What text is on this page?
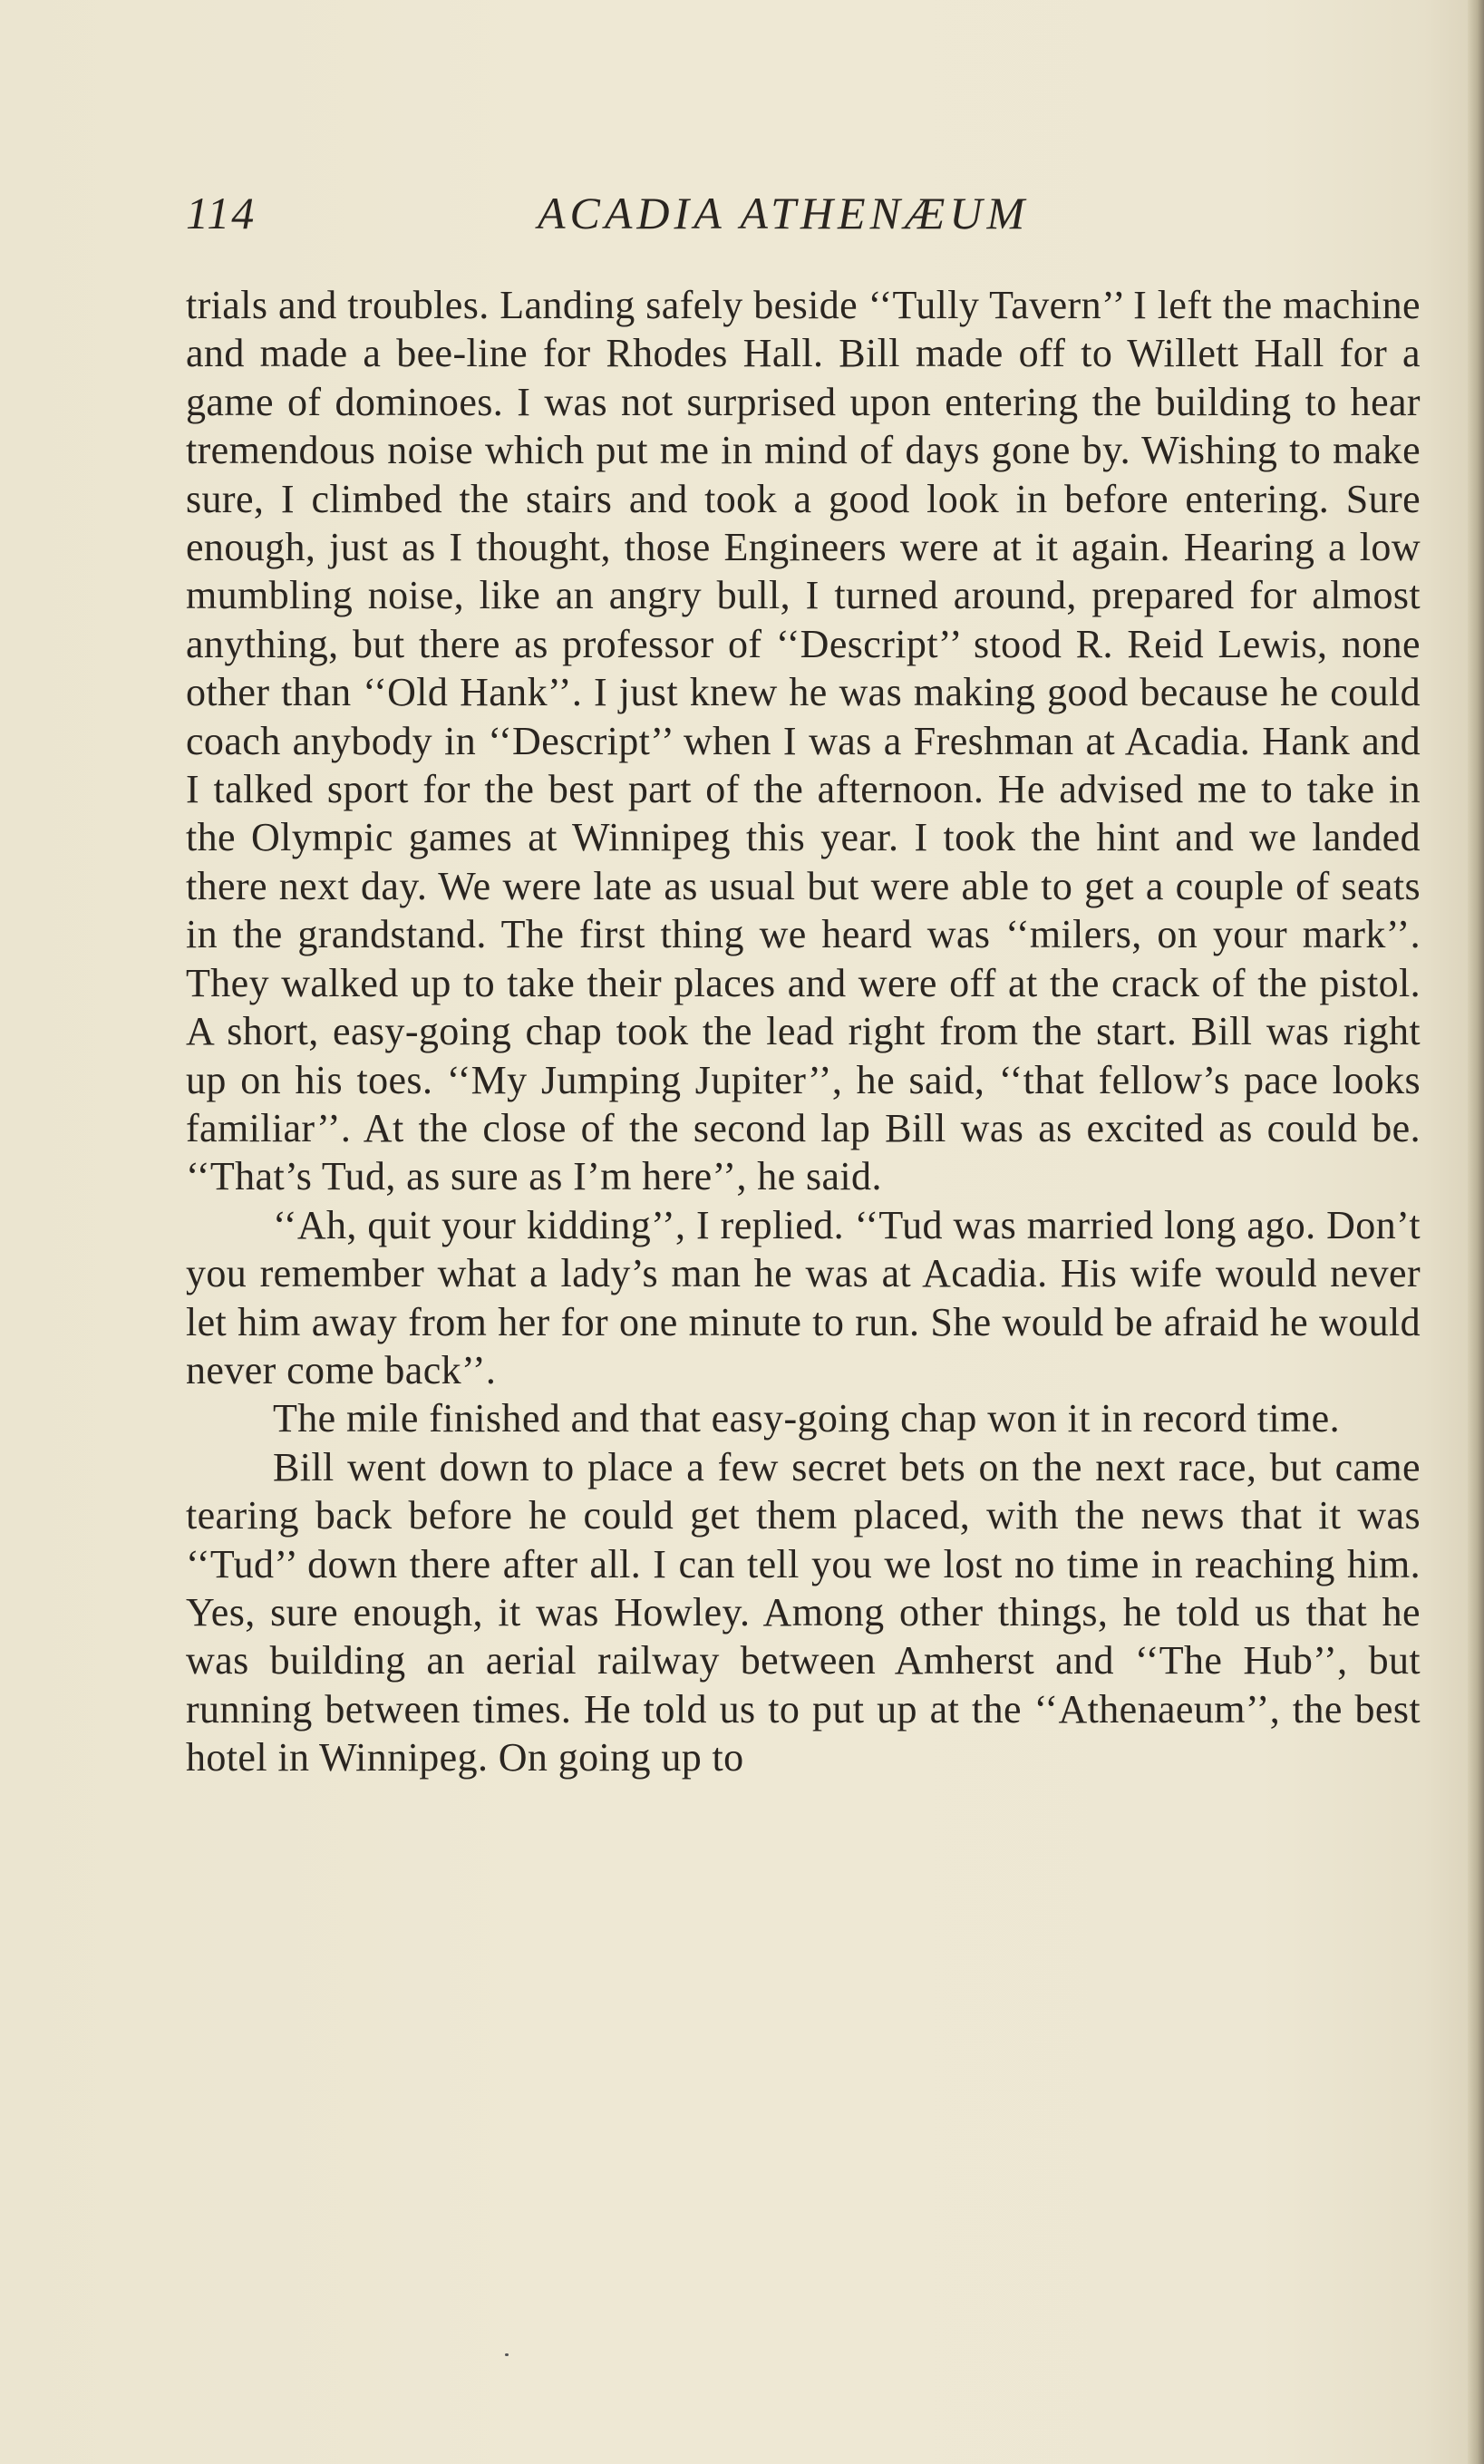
114	ACADIA ATHENÆUM

trials and troubles. Landing safely beside ‘‘Tully Tavern’’ I left the machine and made a bee-line for Rhodes Hall. Bill made off to Willett Hall for a game of dominoes. I was not surprised upon entering the building to hear tremendous noise which put me in mind of days gone by. Wishing to make sure, I climbed the stairs and took a good look in before entering. Sure enough, just as I thought, those Engineers were at it again. Hearing a low mumbling noise, like an angry bull, I turned around, prepared for almost anything, but there as professor of ‘‘Descript’’ stood R. Reid Lewis, none other than ‘‘Old Hank’’. I just knew he was making good because he could coach anybody in ‘‘Descript’’ when I was a Freshman at Acadia. Hank and I talked sport for the best part of the afternoon. He advised me to take in the Olympic games at Winnipeg this year. I took the hint and we landed there next day. We were late as usual but were able to get a couple of seats in the grandstand. The first thing we heard was ‘‘milers, on your mark’’. They walked up to take their places and were off at the crack of the pistol. A short, easy-going chap took the lead right from the start. Bill was right up on his toes. ‘‘My Jumping Jupiter’’, he said, ‘‘that fellow’s pace looks familiar’’. At the close of the second lap Bill was as excited as could be. ‘‘That’s Tud, as sure as I’m here’’, he said.

‘‘Ah, quit your kidding’’, I replied. ‘‘Tud was married long ago. Don’t you remember what a lady’s man he was at Acadia. His wife would never let him away from her for one minute to run. She would be afraid he would never come back’’.

The mile finished and that easy-going chap won it in record time.

Bill went down to place a few secret bets on the next race, but came tearing back before he could get them placed, with the news that it was ‘‘Tud’’ down there after all. I can tell you we lost no time in reaching him. Yes, sure enough, it was Howley. Among other things, he told us that he was building an aerial railway between Amherst and ‘‘The Hub’’, but running between times. He told us to put up at the ‘‘Athenaeum’’, the best hotel in Winnipeg. On going up to
